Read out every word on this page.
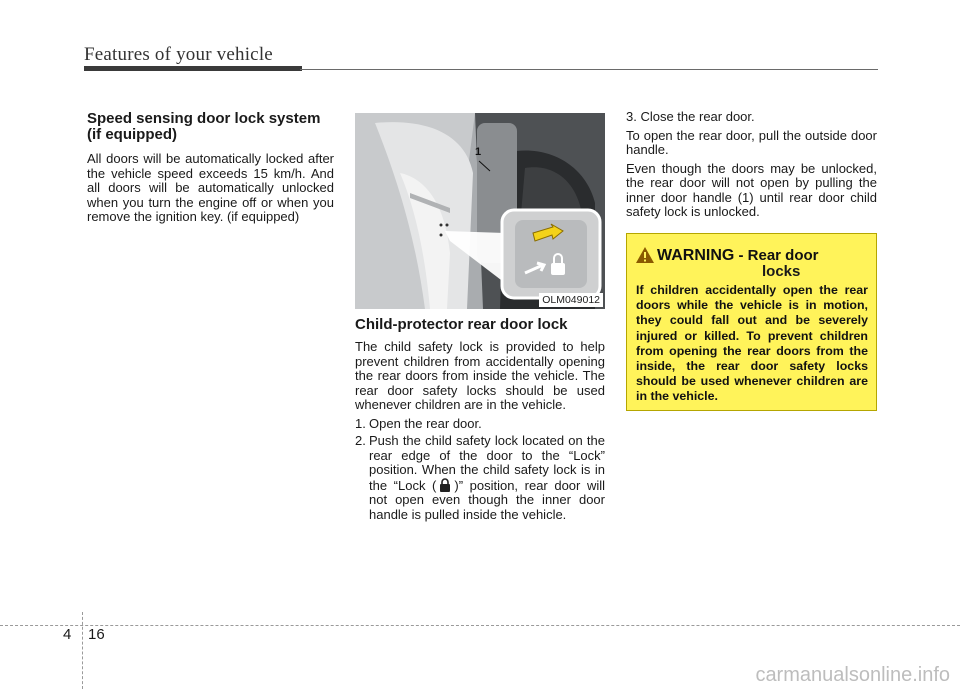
Features of your vehicle
Speed sensing door lock system
(if equipped)

All doors will be automatically locked after the vehicle speed exceeds 15 km/h. And all doors will be automatically unlocked when you turn the engine off or when you remove the ignition key. (if equipped)

1
OLM049012
Child-protector rear door lock

The child safety lock is provided to help prevent children from accidentally opening the rear doors from inside the vehicle. The rear door safety locks should be used whenever children are in the vehicle.

1. Open the rear door.
2. Push the child safety lock located on the rear edge of the door to the “Lock” position. When the child safety lock is in the “Lock ( )” position, rear door will not open even though the inner door handle is pulled inside the vehicle.

3. Close the rear door.

To open the rear door, pull the outside door handle.

Even though the doors may be unlocked, the rear door will not open by pulling the inner door handle (1) until rear door child safety lock is unlocked.

WARNING - Rear door
locks
If children accidentally open the rear doors while the vehicle is in motion, they could fall out and be severely injured or killed. To prevent children from opening the rear doors from the inside, the rear door safety locks should be used whenever children are in the vehicle.
4 16
carmanualsonline.info
